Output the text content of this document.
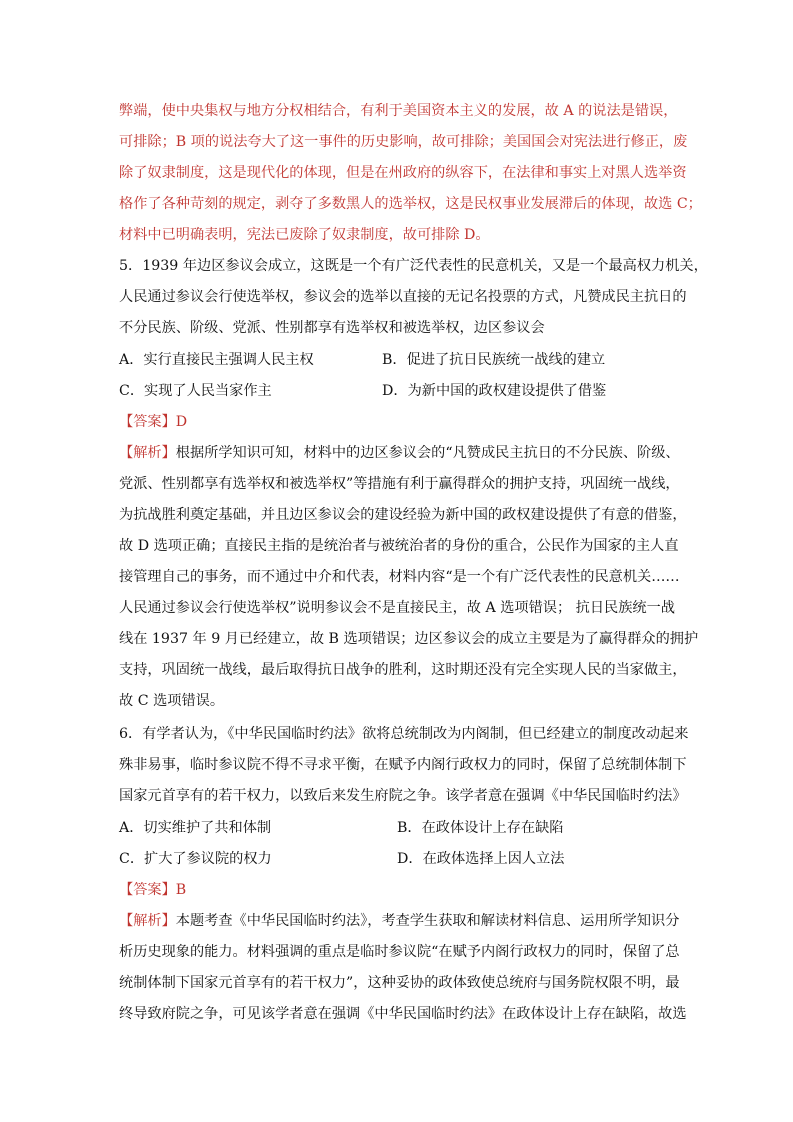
弊端，使中央集权与地方分权相结合，有利于美国资本主义的发展，故 A 的说法是错误，
可排除；B 项的说法夸大了这一事件的历史影响，故可排除；美国国会对宪法进行修正，废
除了奴隶制度，这是现代化的体现，但是在州政府的纵容下，在法律和事实上对黑人选举资
格作了各种苛刻的规定，剥夺了多数黑人的选举权，这是民权事业发展滞后的体现，故选 C；
材料中已明确表明，宪法已废除了奴隶制度，故可排除 D。
5．1939 年边区参议会成立，这既是一个有广泛代表性的民意机关，又是一个最高权力机关，
人民通过参议会行使选举权，参议会的选举以直接的无记名投票的方式，凡赞成民主抗日的
不分民族、阶级、党派、性别都享有选举权和被选举权，边区参议会
A．实行直接民主强调人民主权	B．促进了抗日民族统一战线的建立
C．实现了人民当家作主	D．为新中国的政权建设提供了借鉴
【答案】D
【解析】根据所学知识可知，材料中的边区参议会的“凡赞成民主抗日的不分民族、阶级、
党派、性别都享有选举权和被选举权”等措施有利于赢得群众的拥护支持，巩固统一战线，
为抗战胜利奠定基础，并且边区参议会的建设经验为新中国的政权建设提供了有意的借鉴，
故 D 选项正确；直接民主指的是统治者与被统治者的身份的重合，公民作为国家的主人直
接管理自己的事务，而不通过中介和代表，材料内容“是一个有广泛代表性的民意机关……
人民通过参议会行使选举权”说明参议会不是直接民主，故 A 选项错误； 抗日民族统一战
线在 1937 年 9 月已经建立，故 B 选项错误；边区参议会的成立主要是为了赢得群众的拥护
支持，巩固统一战线，最后取得抗日战争的胜利，这时期还没有完全实现人民的当家做主，
故 C 选项错误。
6．有学者认为，《中华民国临时约法》欲将总统制改为内阁制，但已经建立的制度改动起来
殊非易事，临时参议院不得不寻求平衡，在赋予内阁行政权力的同时，保留了总统制体制下
国家元首享有的若干权力，以致后来发生府院之争。该学者意在强调《中华民国临时约法》
A．切实维护了共和体制	B．在政体设计上存在缺陷
C．扩大了参议院的权力	D．在政体选择上因人立法
【答案】B
【解析】本题考查《中华民国临时约法》，考查学生获取和解读材料信息、运用所学知识分
析历史现象的能力。材料强调的重点是临时参议院“在赋予内阁行政权力的同时，保留了总
统制体制下国家元首享有的若干权力”，这种妥协的政体致使总统府与国务院权限不明，最
终导致府院之争，可见该学者意在强调《中华民国临时约法》在政体设计上存在缺陷，故选
